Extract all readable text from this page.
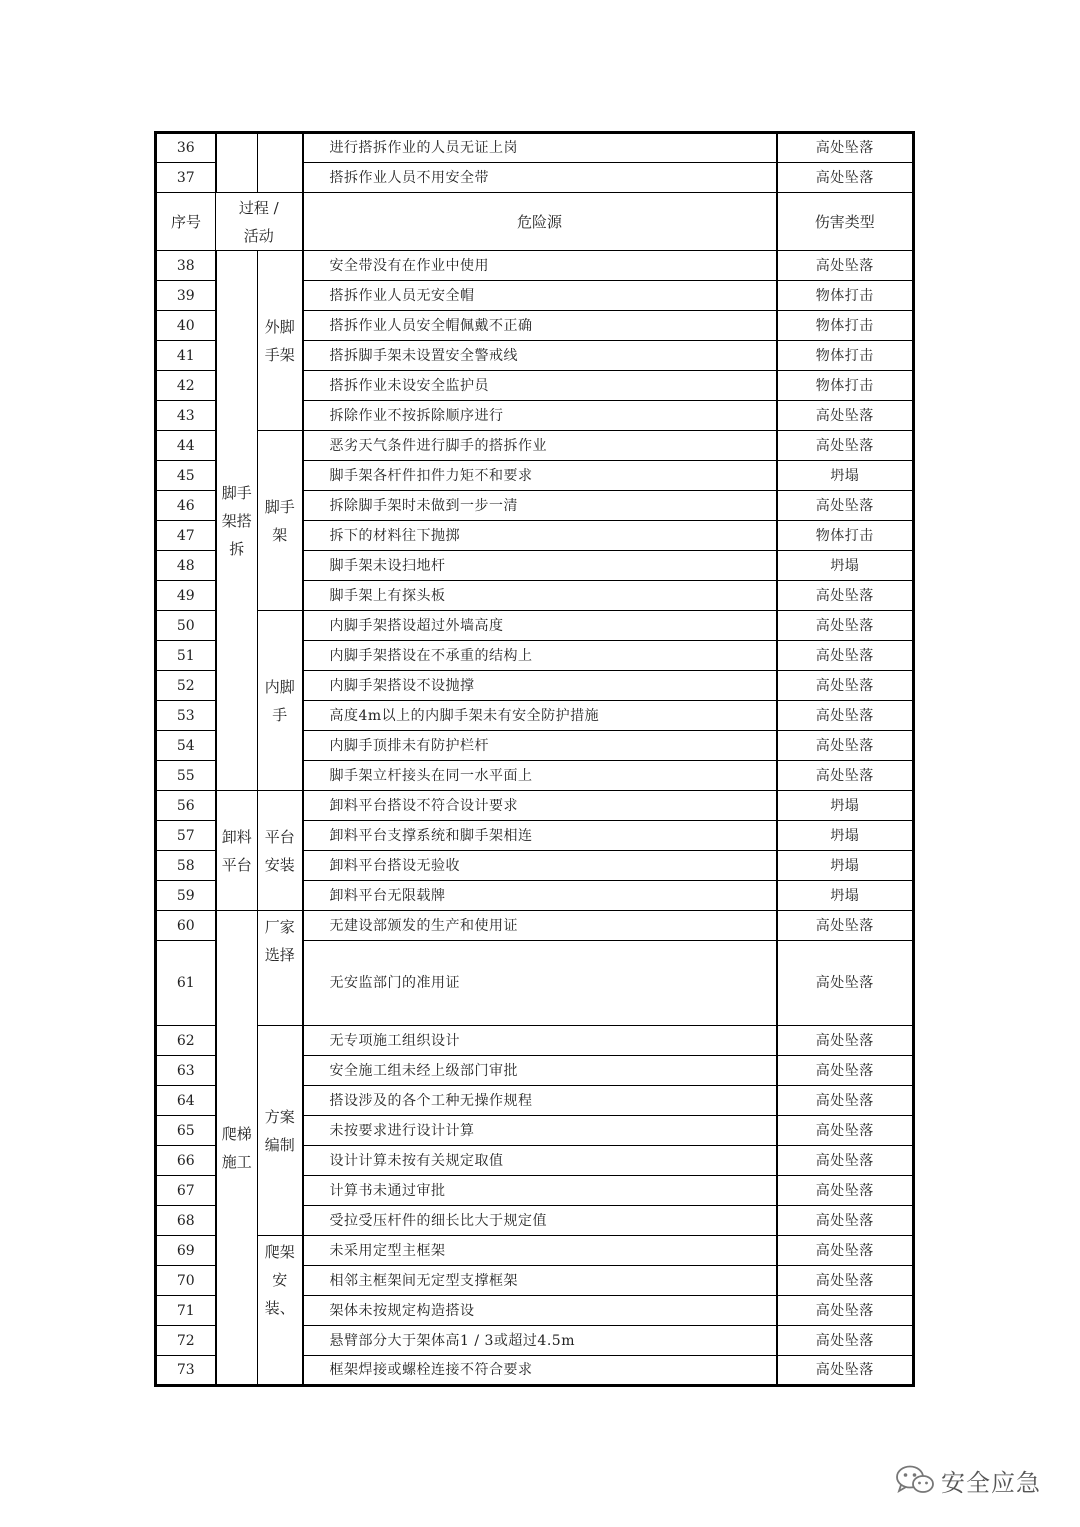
36			进行搭拆作业的人员无证上岗	高处坠落
37			搭拆作业人员不用安全带	高处坠落
序号	过程 / 活动		危险源	伤害类型
38	脚手架搭拆	外脚手架	安全带没有在作业中使用	高处坠落
39			搭拆作业人员无安全帽	物体打击
40			搭拆作业人员安全帽佩戴不正确	物体打击
41			搭拆脚手架未设置安全警戒线	物体打击
42			搭拆作业未设安全监护员	物体打击
43			拆除作业不按拆除顺序进行	高处坠落
44		脚手架	恶劣天气条件进行脚手的搭拆作业	高处坠落
45			脚手架各杆件扣件力矩不和要求	坍塌
46			拆除脚手架时未做到一步一清	高处坠落
47			拆下的材料往下抛掷	物体打击
48			脚手架未设扫地杆	坍塌
49			脚手架上有探头板	高处坠落
50		内脚手	内脚手架搭设超过外墙高度	高处坠落
51			内脚手架搭设在不承重的结构上	高处坠落
52			内脚手架搭设不设抛撑	高处坠落
53			高度4m以上的内脚手架未有安全防护措施	高处坠落
54			内脚手顶排未有防护栏杆	高处坠落
55			脚手架立杆接头在同一水平面上	高处坠落
56	卸料平台	平台安装	卸料平台搭设不符合设计要求	坍塌
57			卸料平台支撑系统和脚手架相连	坍塌
58			卸料平台搭设无验收	坍塌
59			卸料平台无限载牌	坍塌
60	爬梯施工	厂家选择	无建设部颁发的生产和使用证	高处坠落
61			无安监部门的准用证	高处坠落
62		方案编制	无专项施工组织设计	高处坠落
63			安全施工组未经上级部门审批	高处坠落
64			搭设涉及的各个工种无操作规程	高处坠落
65			未按要求进行设计计算	高处坠落
66			设计计算未按有关规定取值	高处坠落
67			计算书未通过审批	高处坠落
68			受拉受压杆件的细长比大于规定值	高处坠落
69		爬架安装、	未采用定型主框架	高处坠落
70			相邻主框架间无定型支撑框架	高处坠落
71			架体未按规定构造搭设	高处坠落
72			悬臂部分大于架体高1 / 3或超过4.5m	高处坠落
73			框架焊接或螺栓连接不符合要求	高处坠落
安全应急
